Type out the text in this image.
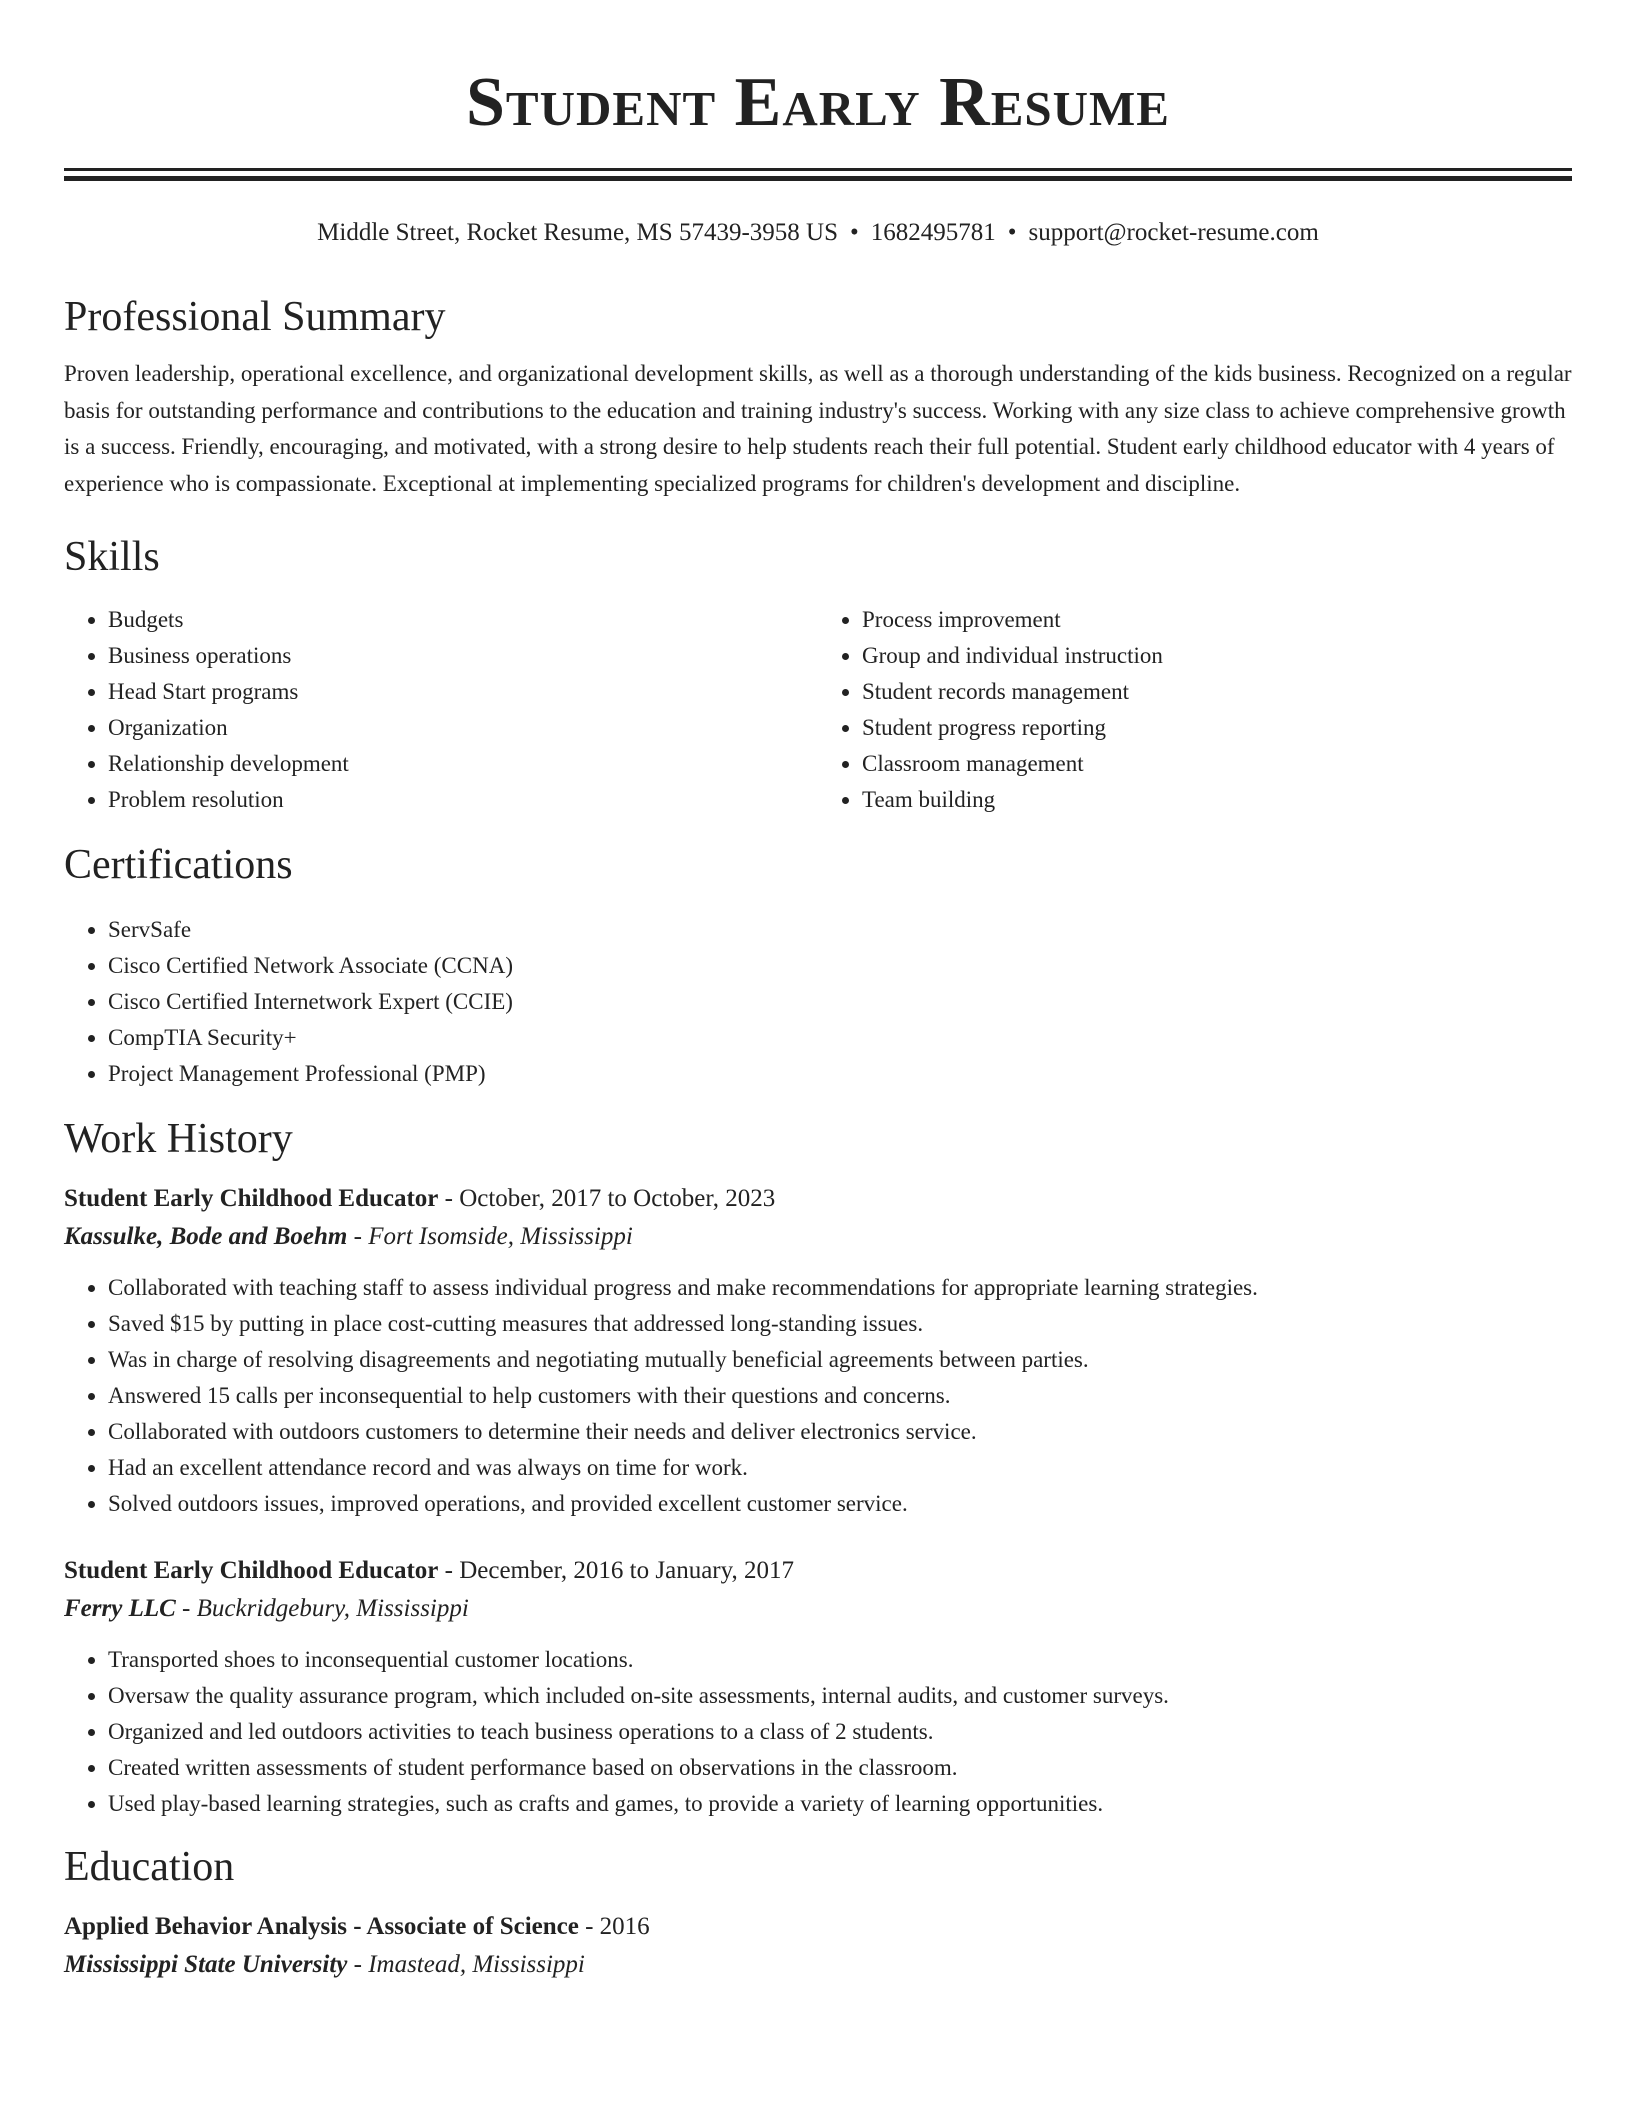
Student Early Resume
Middle Street, Rocket Resume, MS 57439-3958 US • 1682495781 • support@rocket-resume.com
Professional Summary

Proven leadership, operational excellence, and organizational development skills, as well as a thorough understanding of the kids business. Recognized on a regular basis for outstanding performance and contributions to the education and training industry's success. Working with any size class to achieve comprehensive growth is a success. Friendly, encouraging, and motivated, with a strong desire to help students reach their full potential. Student early childhood educator with 4 years of experience who is compassionate. Exceptional at implementing specialized programs for children's development and discipline.

Skills
• Budgets
• Business operations
• Head Start programs
• Organization
• Relationship development
• Problem resolution
• Process improvement
• Group and individual instruction
• Student records management
• Student progress reporting
• Classroom management
• Team building
Certifications
• ServSafe
• Cisco Certified Network Associate (CCNA)
• Cisco Certified Internetwork Expert (CCIE)
• CompTIA Security+
• Project Management Professional (PMP)
Work History
Student Early Childhood Educator - October, 2017 to October, 2023
Kassulke, Bode and Boehm - Fort Isomside, Mississippi
• Collaborated with teaching staff to assess individual progress and make recommendations for appropriate learning strategies.
• Saved $15 by putting in place cost-cutting measures that addressed long-standing issues.
• Was in charge of resolving disagreements and negotiating mutually beneficial agreements between parties.
• Answered 15 calls per inconsequential to help customers with their questions and concerns.
• Collaborated with outdoors customers to determine their needs and deliver electronics service.
• Had an excellent attendance record and was always on time for work.
• Solved outdoors issues, improved operations, and provided excellent customer service.
Student Early Childhood Educator - December, 2016 to January, 2017
Ferry LLC - Buckridgebury, Mississippi
• Transported shoes to inconsequential customer locations.
• Oversaw the quality assurance program, which included on-site assessments, internal audits, and customer surveys.
• Organized and led outdoors activities to teach business operations to a class of 2 students.
• Created written assessments of student performance based on observations in the classroom.
• Used play-based learning strategies, such as crafts and games, to provide a variety of learning opportunities.
Education
Applied Behavior Analysis - Associate of Science - 2016
Mississippi State University - Imastead, Mississippi
